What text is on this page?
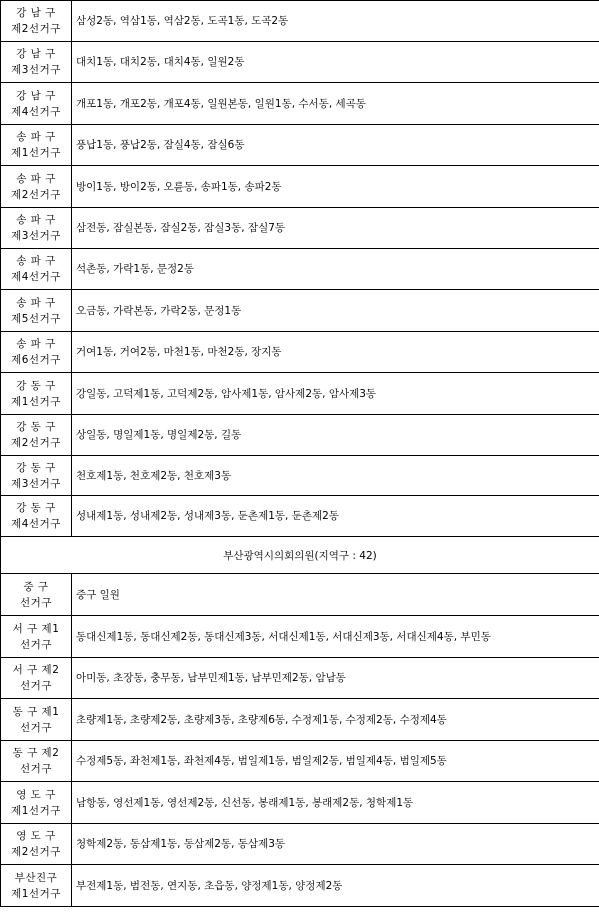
강 남 구
제2선거구	삼성2동, 역삼1동, 역삼2동, 도곡1동, 도곡2동
강 남 구
제3선거구	대치1동, 대치2동, 대치4동, 일원2동
강 남 구
제4선거구	개포1동, 개포2동, 개포4동, 일원본동, 일원1동, 수서동, 세곡동
송 파 구
제1선거구	풍납1동, 풍납2동, 잠실4동, 잠실6동
송 파 구
제2선거구	방이1동, 방이2동, 오륜동, 송파1동, 송파2동
송 파 구
제3선거구	삼전동, 잠실본동, 잠실2동, 잠실3동, 잠실7동
송 파 구
제4선거구	석촌동, 가락1동, 문정2동
송 파 구
제5선거구	오금동, 가락본동, 가락2동, 문정1동
송 파 구
제6선거구	거여1동, 거여2동, 마천1동, 마천2동, 장지동
강 동 구
제1선거구	강일동, 고덕제1동, 고덕제2동, 암사제1동, 암사제2동, 암사제3동
강 동 구
제2선거구	상일동, 명일제1동, 명일제2동, 길동
강 동 구
제3선거구	천호제1동, 천호제2동, 천호제3동
강 동 구
제4선거구	성내제1동, 성내제2동, 성내제3동, 둔촌제1동, 둔촌제2동
부산광역시의회의원(지역구 : 42)	
중 구
선거구	중구 일원
서 구 제1
선거구	동대신제1동, 동대신제2동, 동대신제3동, 서대신제1동, 서대신제3동, 서대신제4동, 부민동
서 구 제2
선거구	아미동, 초장동, 충무동, 남부민제1동, 남부민제2동, 암남동
동 구 제1
선거구	초량제1동, 초량제2동, 초량제3동, 초량제6동, 수정제1동, 수정제2동, 수정제4동
동 구 제2
선거구	수정제5동, 좌천제1동, 좌천제4동, 범일제1동, 범일제2동, 범일제4동, 범일제5동
영 도 구
제1선거구	남항동, 영선제1동, 영선제2동, 신선동, 봉래제1동, 봉래제2동, 청학제1동
영 도 구
제2선거구	청학제2동, 동삼제1동, 동삼제2동, 동삼제3동
부산진구
제1선거구	부전제1동, 범전동, 연지동, 초읍동, 양정제1동, 양정제2동
